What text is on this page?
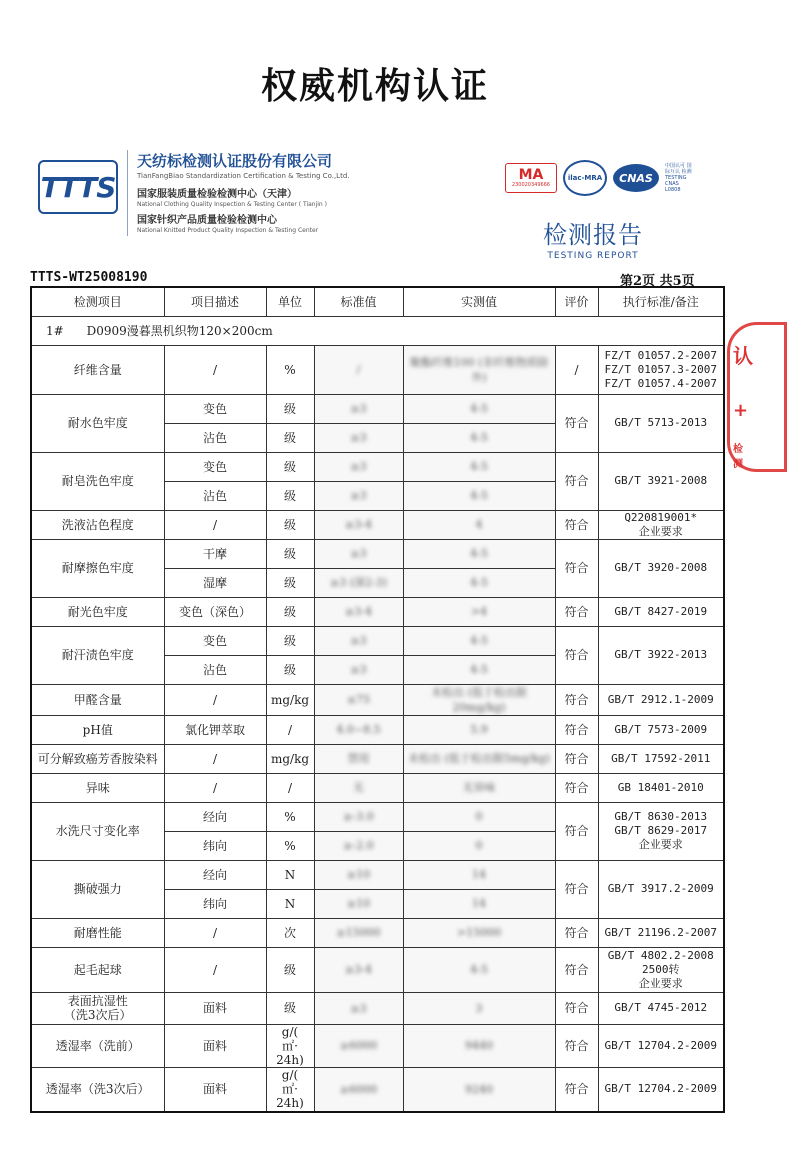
权威机构认证
TTTS
天纺标检测认证股份有限公司
TianFangBiao Standardization Certification & Testing Co.,Ltd.
国家服装质量检验检测中心（天津）
National Clothing Quality Inspection & Testing Center ( Tianjin )
国家针织产品质量检验检测中心
National Knitted Product Quality Inspection & Testing Center
MA
230020349666
ilac-MRA CNAS
中国认可 国际互认 检测 TESTING CNAS L0808
检测报告
TESTING REPORT
TTTS-WT25008190	第2页 共5页
认
+
检测
检测项目	项目描述	单位	标准值	实测值	评价	执行标准/备注
1# D0909漫暮黑机织物120×200cm						
纤维含量	/	%	/	聚酯纤维100 (非纤维物质除外)	/	FZ/T 01057.2-2007
FZ/T 01057.3-2007
FZ/T 01057.4-2007
耐水色牢度	变色	级	≥3	4-5	符合	GB/T 5713-2013
	沾色	级	≥3	4-5		
耐皂洗色牢度	变色	级	≥3	4-5	符合	GB/T 3921-2008
	沾色	级	≥3	4-5		
洗液沾色程度	/	级	≥3-4	4	符合	Q220819001*
企业要求
耐摩擦色牢度	干摩	级	≥3	4-5	符合	GB/T 3920-2008
	湿摩	级	≥3 (深2-3)	4-5		
耐光色牢度	变色（深色）	级	≥3-4	>4	符合	GB/T 8427-2019
耐汗渍色牢度	变色	级	≥3	4-5	符合	GB/T 3922-2013
	沾色	级	≥3	4-5		
甲醛含量	/	mg/kg	≤75	未检出 (低于检出限20mg/kg)	符合	GB/T 2912.1-2009
pH值	氯化钾萃取	/	4.0~8.5	5.9	符合	GB/T 7573-2009
可分解致癌芳香胺染料	/	mg/kg	禁用	未检出 (低于检出限5mg/kg)	符合	GB/T 17592-2011
异味	/	/	无	无异味	符合	GB 18401-2010
水洗尺寸变化率	经向	%	≥-3.0	0	符合	GB/T 8630-2013
GB/T 8629-2017
企业要求
	纬向	%	≥-2.0	0		
撕破强力	经向	N	≥10	14	符合	GB/T 3917.2-2009
	纬向	N	≥10	14		
耐磨性能	/	次	≥15000	>15000	符合	GB/T 21196.2-2007
起毛起球	/	级	≥3-4	4-5	符合	GB/T 4802.2-2008
2500转
企业要求
表面抗湿性
（洗3次后）	面料	级	≥3	3	符合	GB/T 4745-2012
透湿率（洗前）	面料	g/(
㎡·
24h)	≥6000	9440	符合	GB/T 12704.2-2009
透湿率（洗3次后）	面料	g/(
㎡·
24h)	≥6000	9240	符合	GB/T 12704.2-2009
